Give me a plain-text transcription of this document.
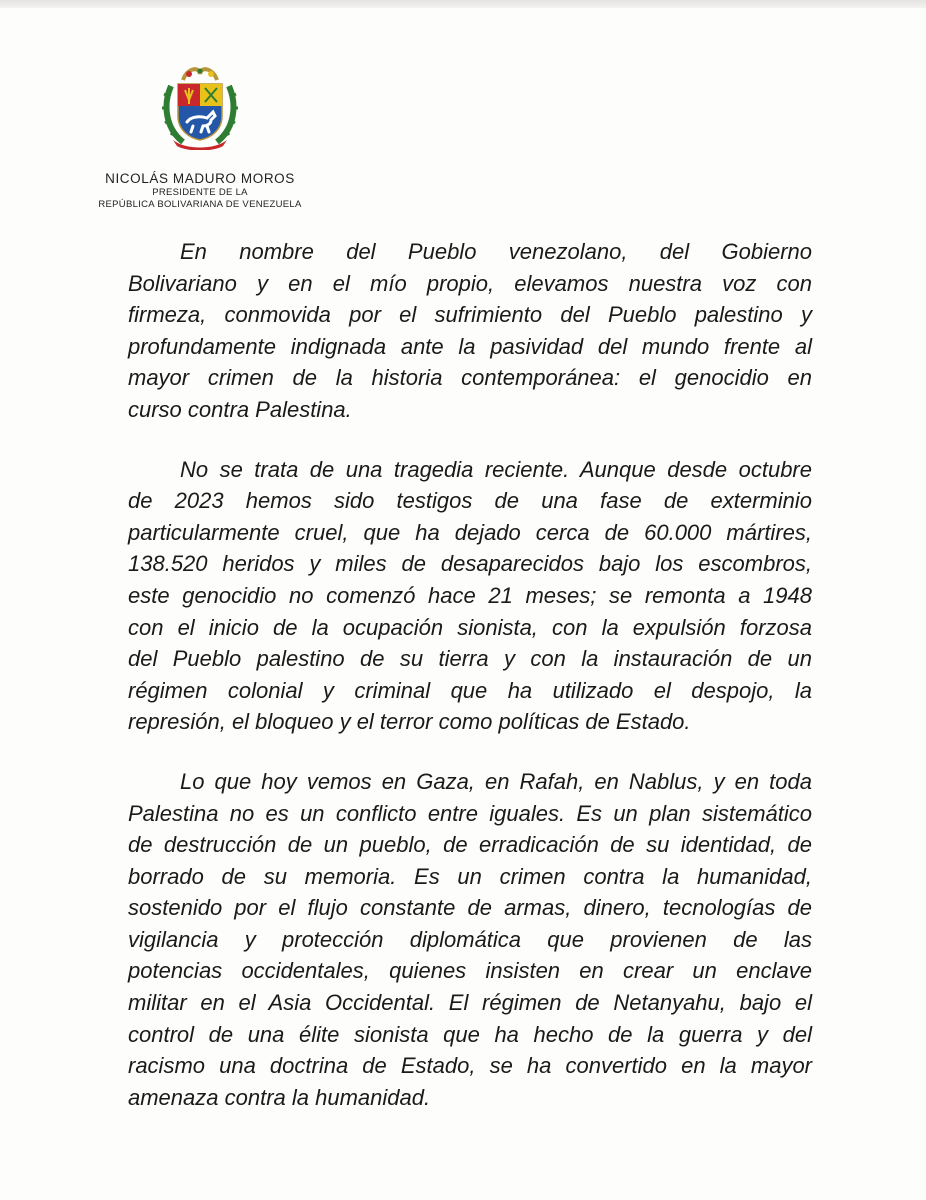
NICOLÁS MADURO MOROS
PRESIDENTE DE LA
REPÚBLICA BOLIVARIANA DE VENEZUELA
En nombre del Pueblo venezolano, del Gobierno
Bolivariano y en el mío propio, elevamos nuestra voz con
firmeza, conmovida por el sufrimiento del Pueblo palestino y
profundamente indignada ante la pasividad del mundo frente al
mayor crimen de la historia contemporánea: el genocidio en
curso contra Palestina.
No se trata de una tragedia reciente. Aunque desde octubre
de 2023 hemos sido testigos de una fase de exterminio
particularmente cruel, que ha dejado cerca de 60.000 mártires,
138.520 heridos y miles de desaparecidos bajo los escombros,
este genocidio no comenzó hace 21 meses; se remonta a 1948
con el inicio de la ocupación sionista, con la expulsión forzosa
del Pueblo palestino de su tierra y con la instauración de un
régimen colonial y criminal que ha utilizado el despojo, la
represión, el bloqueo y el terror como políticas de Estado.
Lo que hoy vemos en Gaza, en Rafah, en Nablus, y en toda
Palestina no es un conflicto entre iguales. Es un plan sistemático
de destrucción de un pueblo, de erradicación de su identidad, de
borrado de su memoria. Es un crimen contra la humanidad,
sostenido por el flujo constante de armas, dinero, tecnologías de
vigilancia y protección diplomática que provienen de las
potencias occidentales, quienes insisten en crear un enclave
militar en el Asia Occidental. El régimen de Netanyahu, bajo el
control de una élite sionista que ha hecho de la guerra y del
racismo una doctrina de Estado, se ha convertido en la mayor
amenaza contra la humanidad.
